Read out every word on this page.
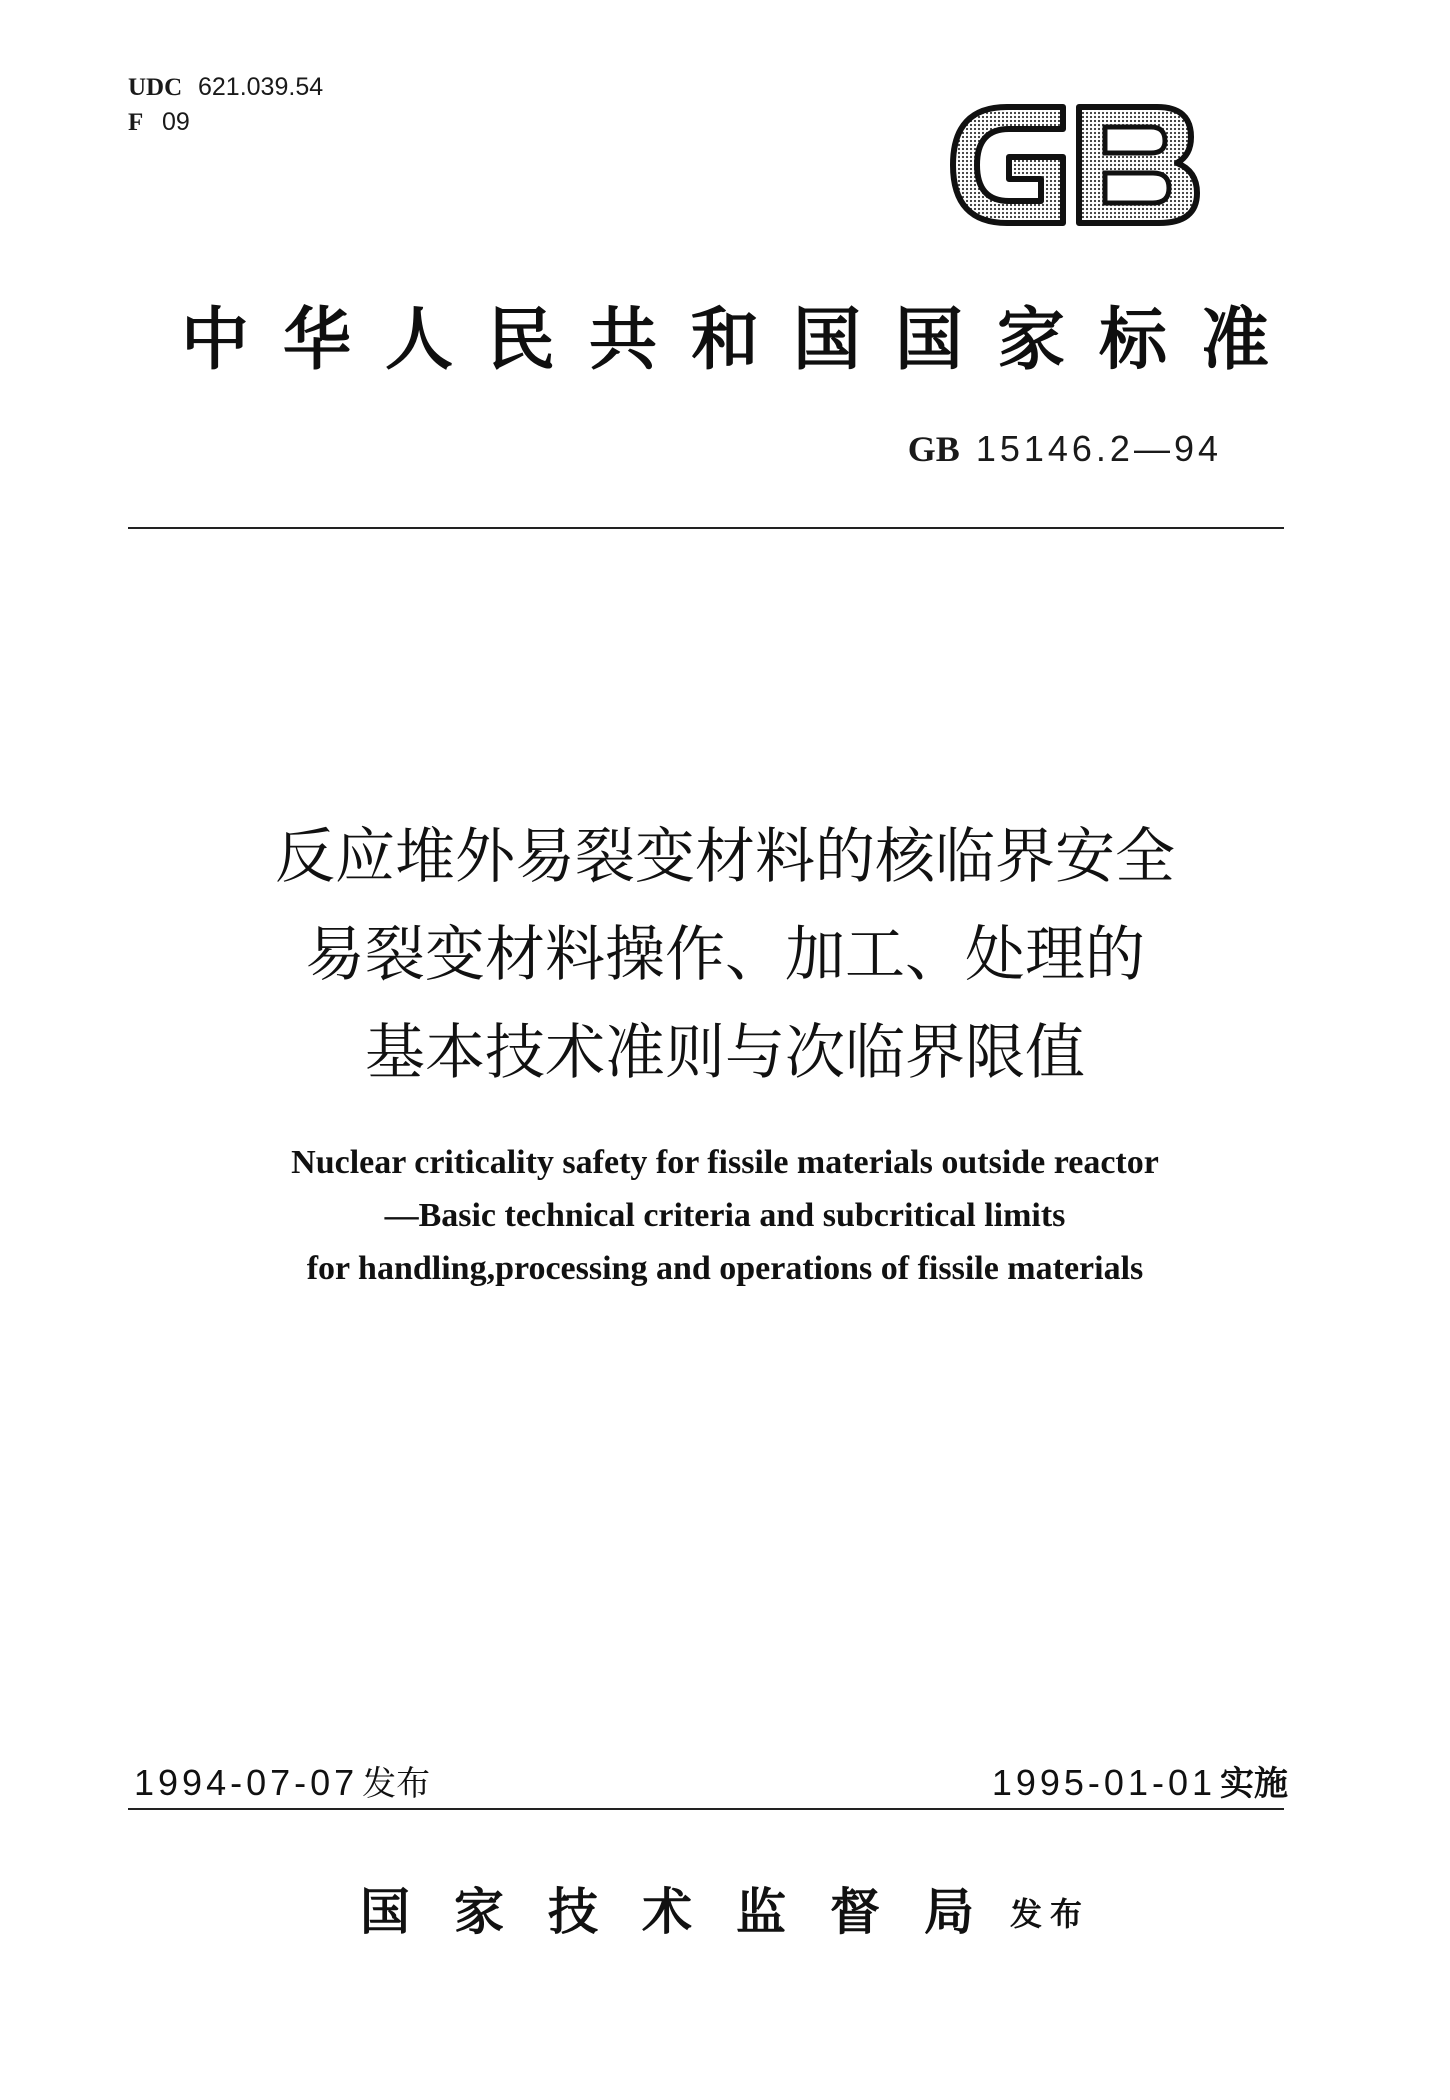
UDC 621.039.54
F 09
中华人民共和国国家标准
GB 15146.2—94
反应堆外易裂变材料的核临界安全
易裂变材料操作、加工、处理的
基本技术准则与次临界限值
Nuclear criticality safety for fissile materials outside reactor
—Basic technical criteria and subcritical limits
for handling,processing and operations of fissile materials
1994-07-07 发布	1995-01-01 实施
国家技术监督局发布
